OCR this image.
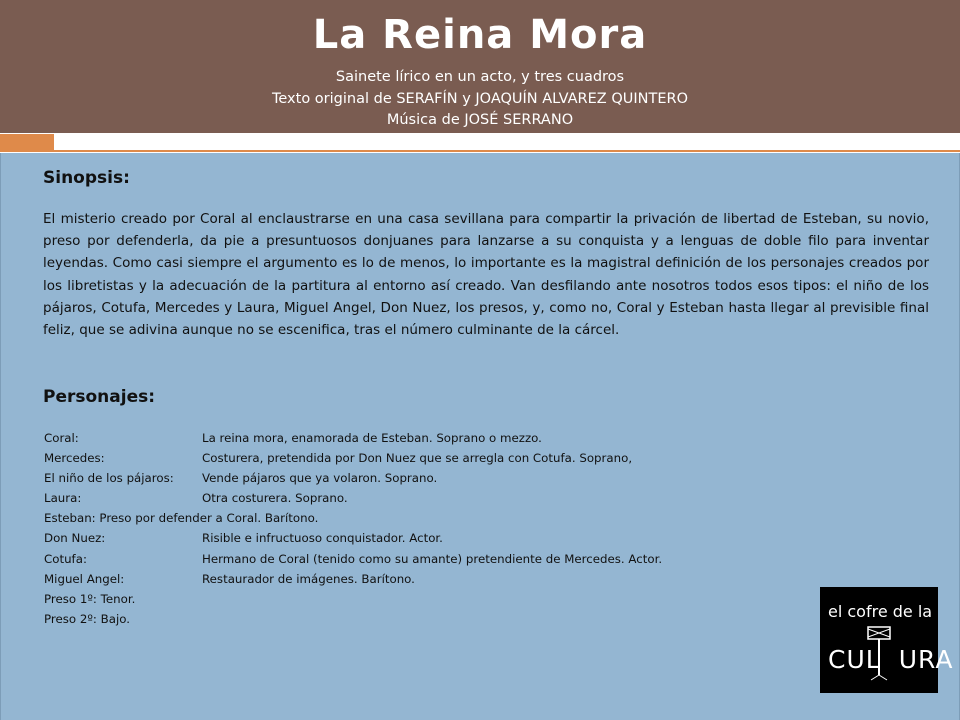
La Reina Mora
Sainete lírico en un acto, y tres cuadros
Texto original de SERAFÍN y JOAQUÍN ALVAREZ QUINTERO
Música de JOSÉ SERRANO
Sinopsis:
El misterio creado por Coral al enclaustrarse en una casa sevillana para compartir la privación de libertad de Esteban, su novio, preso por defenderla, da pie a presuntuosos donjuanes para lanzarse a su conquista y a lenguas de doble filo para inventar leyendas. Como casi siempre el argumento es lo de menos, lo importante es la magistral definición de los personajes creados por los libretistas y la adecuación de la partitura al entorno así creado. Van desfilando ante nosotros todos esos tipos: el niño de los pájaros, Cotufa, Mercedes y Laura, Miguel Angel, Don Nuez, los presos, y, como no, Coral y Esteban hasta llegar al previsible final feliz, que se adivina aunque no se escenifica, tras el número culminante de la cárcel.
Personajes:
Coral:	La reina mora, enamorada de Esteban. Soprano o mezzo.
Mercedes:	Costurera, pretendida por Don Nuez que se arregla con Cotufa. Soprano,
El niño de los pájaros: Vende pájaros que ya volaron. Soprano.
Laura:	Otra costurera. Soprano.
Esteban: Preso por defender a Coral. Barítono.
Don Nuez:	Risible e infructuoso conquistador. Actor.
Cotufa:	Hermano de Coral (tenido como su amante) pretendiente de Mercedes. Actor.
Miguel Angel:	Restaurador de imágenes. Barítono.
Preso 1º: Tenor.
Preso 2º: Bajo.	el cofre de la
CUL URA
